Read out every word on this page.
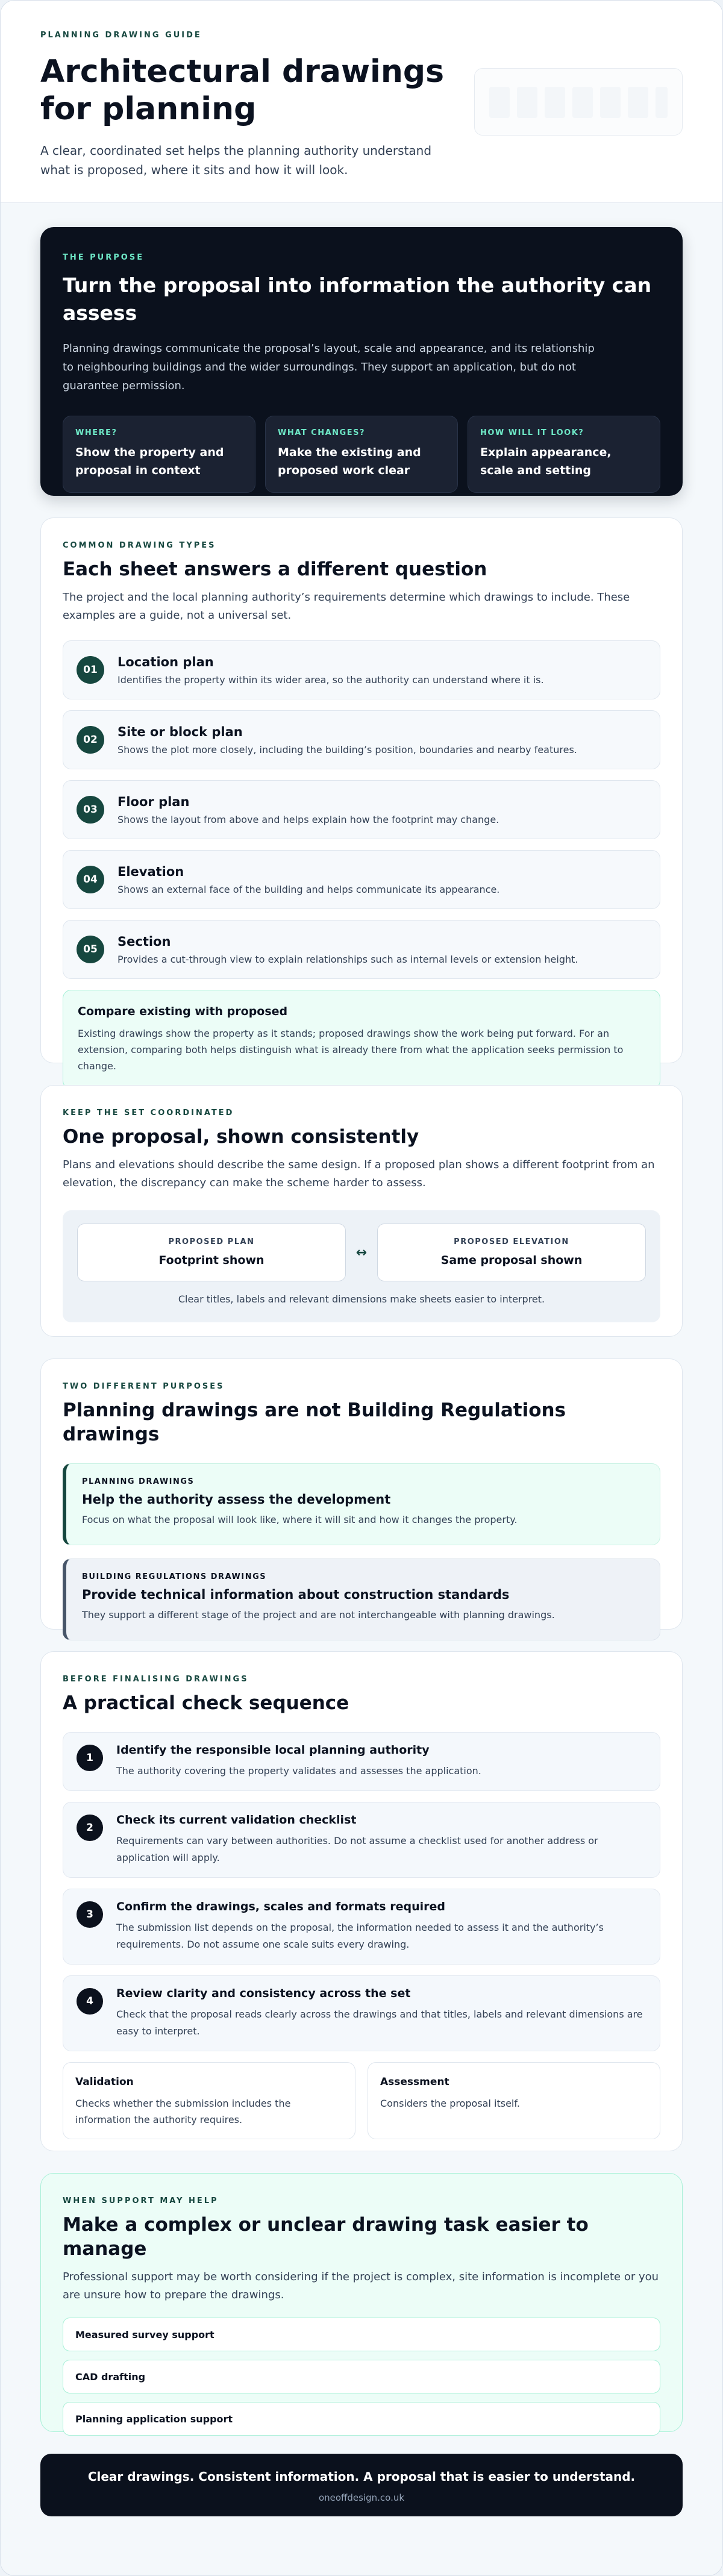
PLANNING DRAWING GUIDE
Architectural drawings for planning

A clear, coordinated set helps the planning authority understand what is proposed, where it sits and how it will look.

THE PURPOSE
Turn the proposal into information the authority can assess

Planning drawings communicate the proposal’s layout, scale and appearance, and its relationship to neighbouring buildings and the wider surroundings. They support an application, but do not guarantee permission.

WHERE?
Show the property and proposal in context
WHAT CHANGES?
Make the existing and proposed work clear
HOW WILL IT LOOK?
Explain appearance, scale and setting
COMMON DRAWING TYPES
Each sheet answers a different question

The project and the local planning authority’s requirements determine which drawings to include. These examples are a guide, not a universal set.

01
Location plan
Identifies the property within its wider area, so the authority can understand where it is.
02
Site or block plan
Shows the plot more closely, including the building’s position, boundaries and nearby features.
03
Floor plan
Shows the layout from above and helps explain how the footprint may change.
04
Elevation
Shows an external face of the building and helps communicate its appearance.
05
Section
Provides a cut-through view to explain relationships such as internal levels or extension height.
Compare existing with proposed
Existing drawings show the property as it stands; proposed drawings show the work being put forward. For an extension, comparing both helps distinguish what is already there from what the application seeks permission to change.
KEEP THE SET COORDINATED
One proposal, shown consistently

Plans and elevations should describe the same design. If a proposed plan shows a different footprint from an elevation, the discrepancy can make the scheme harder to assess.

PROPOSED PLAN
Footprint shown
↔
PROPOSED ELEVATION
Same proposal shown
Clear titles, labels and relevant dimensions make sheets easier to interpret.
TWO DIFFERENT PURPOSES
Planning drawings are not Building Regulations drawings
PLANNING DRAWINGS
Help the authority assess the development
Focus on what the proposal will look like, where it will sit and how it changes the property.
BUILDING REGULATIONS DRAWINGS
Provide technical information about construction standards
They support a different stage of the project and are not interchangeable with planning drawings.
BEFORE FINALISING DRAWINGS
A practical check sequence
1
Identify the responsible local planning authority
The authority covering the property validates and assesses the application.
2
Check its current validation checklist
Requirements can vary between authorities. Do not assume a checklist used for another address or application will apply.
3
Confirm the drawings, scales and formats required
The submission list depends on the proposal, the information needed to assess it and the authority’s requirements. Do not assume one scale suits every drawing.
4
Review clarity and consistency across the set
Check that the proposal reads clearly across the drawings and that titles, labels and relevant dimensions are easy to interpret.
Validation
Checks whether the submission includes the information the authority requires.
Assessment
Considers the proposal itself.
WHEN SUPPORT MAY HELP
Make a complex or unclear drawing task easier to manage

Professional support may be worth considering if the project is complex, site information is incomplete or you are unsure how to prepare the drawings.

Measured survey support
CAD drafting
Planning application support
Clear drawings. Consistent information. A proposal that is easier to understand.
oneoffdesign.co.uk
